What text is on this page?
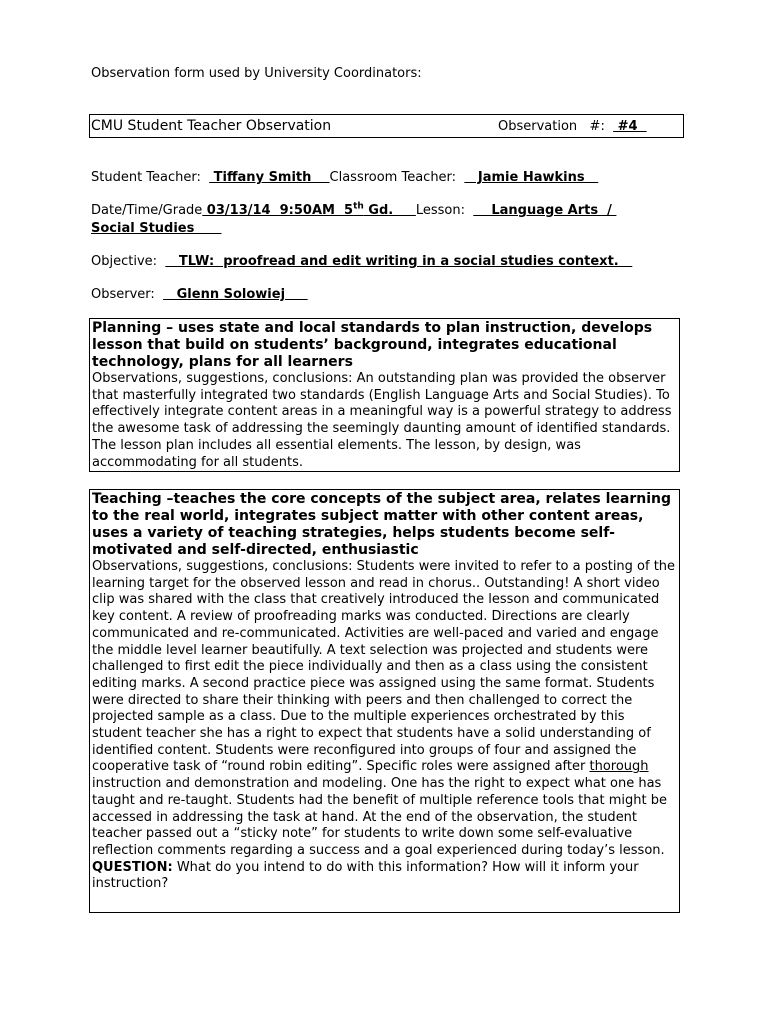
Observation form used by University Coordinators:
CMU Student Teacher Observation	Observation   #:   #4
Student Teacher:   Tiffany Smith    Classroom Teacher:     Jamie Hawkins
Date/Time/Grade 03/13/14  9:50AM  5th Gd.     Lesson:      Language Arts  /
Social Studies
Objective:     TLW:  proofread and edit writing in a social studies context.
Observer:     Glenn Solowiej
Planning – uses state and local standards to plan instruction, develops lesson that build on students’ background, integrates educational technology, plans for all learners
Observations, suggestions, conclusions: An outstanding plan was provided the observer that masterfully integrated two standards (English Language Arts and Social Studies). To effectively integrate content areas in a meaningful way is a powerful strategy to address the awesome task of addressing the seemingly daunting amount of identified standards. The lesson plan includes all essential elements. The lesson, by design, was accommodating for all students.
Teaching –teaches the core concepts of the subject area, relates learning to the real world, integrates subject matter with other content areas, uses a variety of teaching strategies, helps students become self-motivated and self-directed, enthusiastic
Observations, suggestions, conclusions: Students were invited to refer to a posting of the learning target for the observed lesson and read in chorus.. Outstanding! A short video clip was shared with the class that creatively introduced the lesson and communicated key content. A review of proofreading marks was conducted. Directions are clearly communicated and re-communicated. Activities are well-paced and varied and engage the middle level learner beautifully. A text selection was projected and students were challenged to first edit the piece individually and then as a class using the consistent editing marks. A second practice piece was assigned using the same format. Students were directed to share their thinking with peers and then challenged to correct the projected sample as a class. Due to the multiple experiences orchestrated by this student teacher she has a right to expect that students have a solid understanding of identified content. Students were reconfigured into groups of four and assigned the cooperative task of “round robin editing”. Specific roles were assigned after thorough instruction and demonstration and modeling. One has the right to expect what one has taught and re-taught. Students had the benefit of multiple reference tools that might be accessed in addressing the task at hand. At the end of the observation, the student teacher passed out a “sticky note” for students to write down some self-evaluative reflection comments regarding a success and a goal experienced during today’s lesson. QUESTION: What do you intend to do with this information? How will it inform your instruction?
